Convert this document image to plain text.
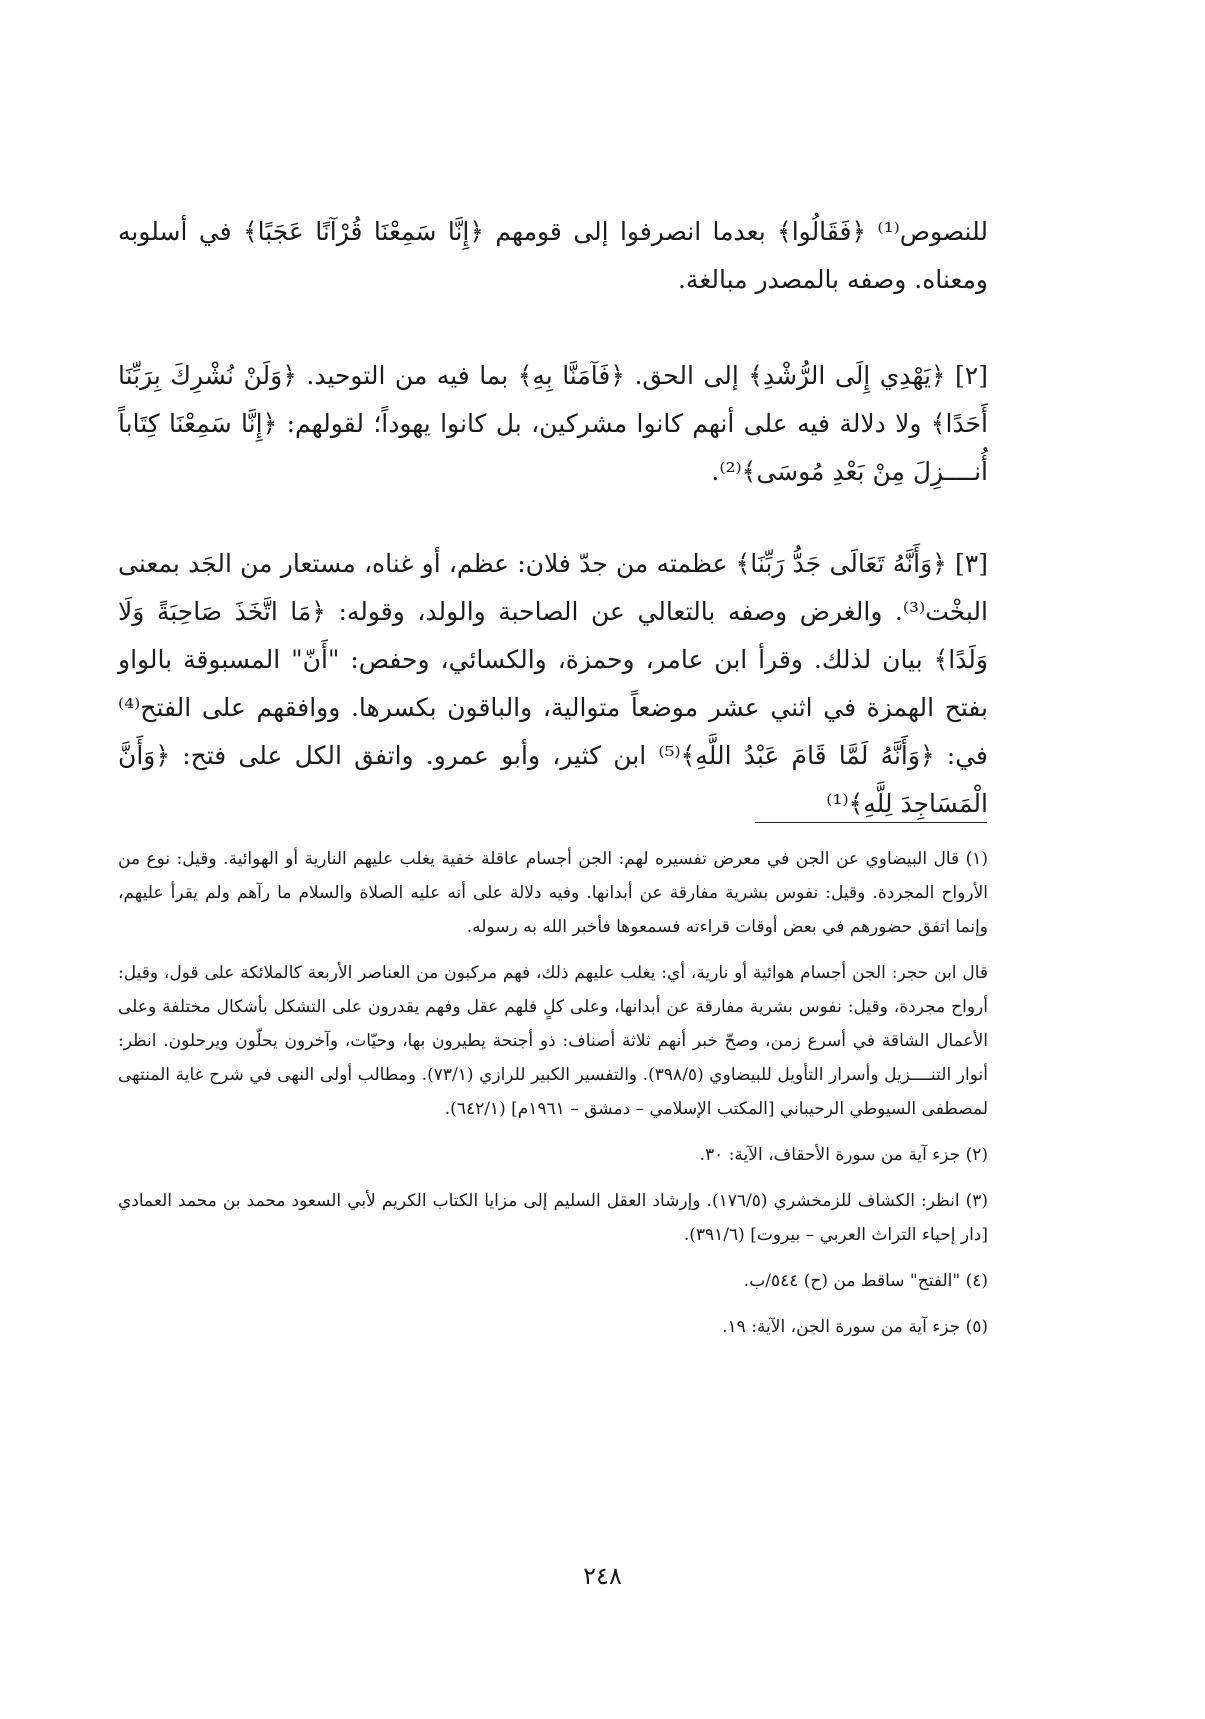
للنصوص⁽¹⁾ ﴿فَقَالُوا﴾ بعدما انصرفوا إلى قومهم ﴿إِنَّا سَمِعْنَا قُرْآنًا عَجَبًا﴾ في أسلوبه ومعناه. وصفه بالمصدر مبالغة.

[٢] ﴿يَهْدِي إِلَى الرُّشْدِ﴾ إلى الحق. ﴿فَآمَنَّا بِهِ﴾ بما فيه من التوحيد. ﴿وَلَنْ نُشْرِكَ بِرَبِّنَا أَحَدًا﴾ ولا دلالة فيه على أنهم كانوا مشركين، بل كانوا يهوداً؛ لقولهم: ﴿إِنَّا سَمِعْنَا كِتَاباً أُنــــزِلَ مِنْ بَعْدِ مُوسَى﴾⁽²⁾.

[٣] ﴿وَأَنَّهُ تَعَالَى جَدُّ رَبِّنَا﴾ عظمته من جدّ فلان: عظم، أو غناه، مستعار من الجَد بمعنى البخْت⁽³⁾. والغرض وصفه بالتعالي عن الصاحبة والولد، وقوله: ﴿مَا اتَّخَذَ صَاحِبَةً وَلَا وَلَدًا﴾ بيان لذلك. وقرأ ابن عامر، وحمزة، والكسائي، وحفص: "أَنّ" المسبوقة بالواو بفتح الهمزة في اثني عشر موضعاً متوالية، والباقون بكسرها. ووافقهم على الفتح⁽⁴⁾ في: ﴿وَأَنَّهُ لَمَّا قَامَ عَبْدُ اللَّهِ﴾⁽⁵⁾ ابن كثير، وأبو عمرو. واتفق الكل على فتح: ﴿وَأَنَّ الْمَسَاجِدَ لِلَّهِ﴾⁽¹⁾

(١) قال البيضاوي عن الجن في معرض تفسيره لهم: الجن أجسام عاقلة خفية يغلب عليهم النارية أو الهوائية. وقيل: نوع من الأرواح المجردة. وقيل: نفوس بشرية مفارقة عن أبدانها. وفيه دلالة على أنه عليه الصلاة والسلام ما رآهم ولم يقرأ عليهم، وإنما اتفق حضورهم في بعض أوقات قراءته فسمعوها فأخبر الله به رسوله.

قال ابن حجر: الجن أجسام هوائية أو نارية، أي: يغلب عليهم ذلك، فهم مركبون من العناصر الأربعة كالملائكة على قول، وقيل: أرواح مجردة، وقيل: نفوس بشرية مفارقة عن أبدانها، وعلى كلٍ فلهم عقل وفهم يقدرون على التشكل بأشكال مختلفة وعلى الأعمال الشاقة في أسرع زمن، وصحّ خبر أنهم ثلاثة أصناف: ذو أجنحة يطيرون بها، وحيّات، وآخرون يحلّون ويرحلون. انظر: أنوار التنــــزيل وأسرار التأويل للبيضاوي (٣٩٨/٥). والتفسير الكبير للرازي (٧٣/١). ومطالب أولى النهى في شرح غاية المنتهى لمصطفى السيوطي الرحيباني [المكتب الإسلامي – دمشق – ١٩٦١م] (٦٤٢/١).

(٢) جزء آية من سورة الأحقاف، الآية: ٣٠.

(٣) انظر: الكشاف للزمخشري (١٧٦/٥). وإرشاد العقل السليم إلى مزايا الكتاب الكريم لأبي السعود محمد بن محمد العمادي [دار إحياء التراث العربي – بيروت] (٣٩١/٦).

(٤) "الفتح" ساقط من (ح) ٥٤٤/ب.

(٥) جزء آية من سورة الجن، الآية: ١٩.

٢٤٨
